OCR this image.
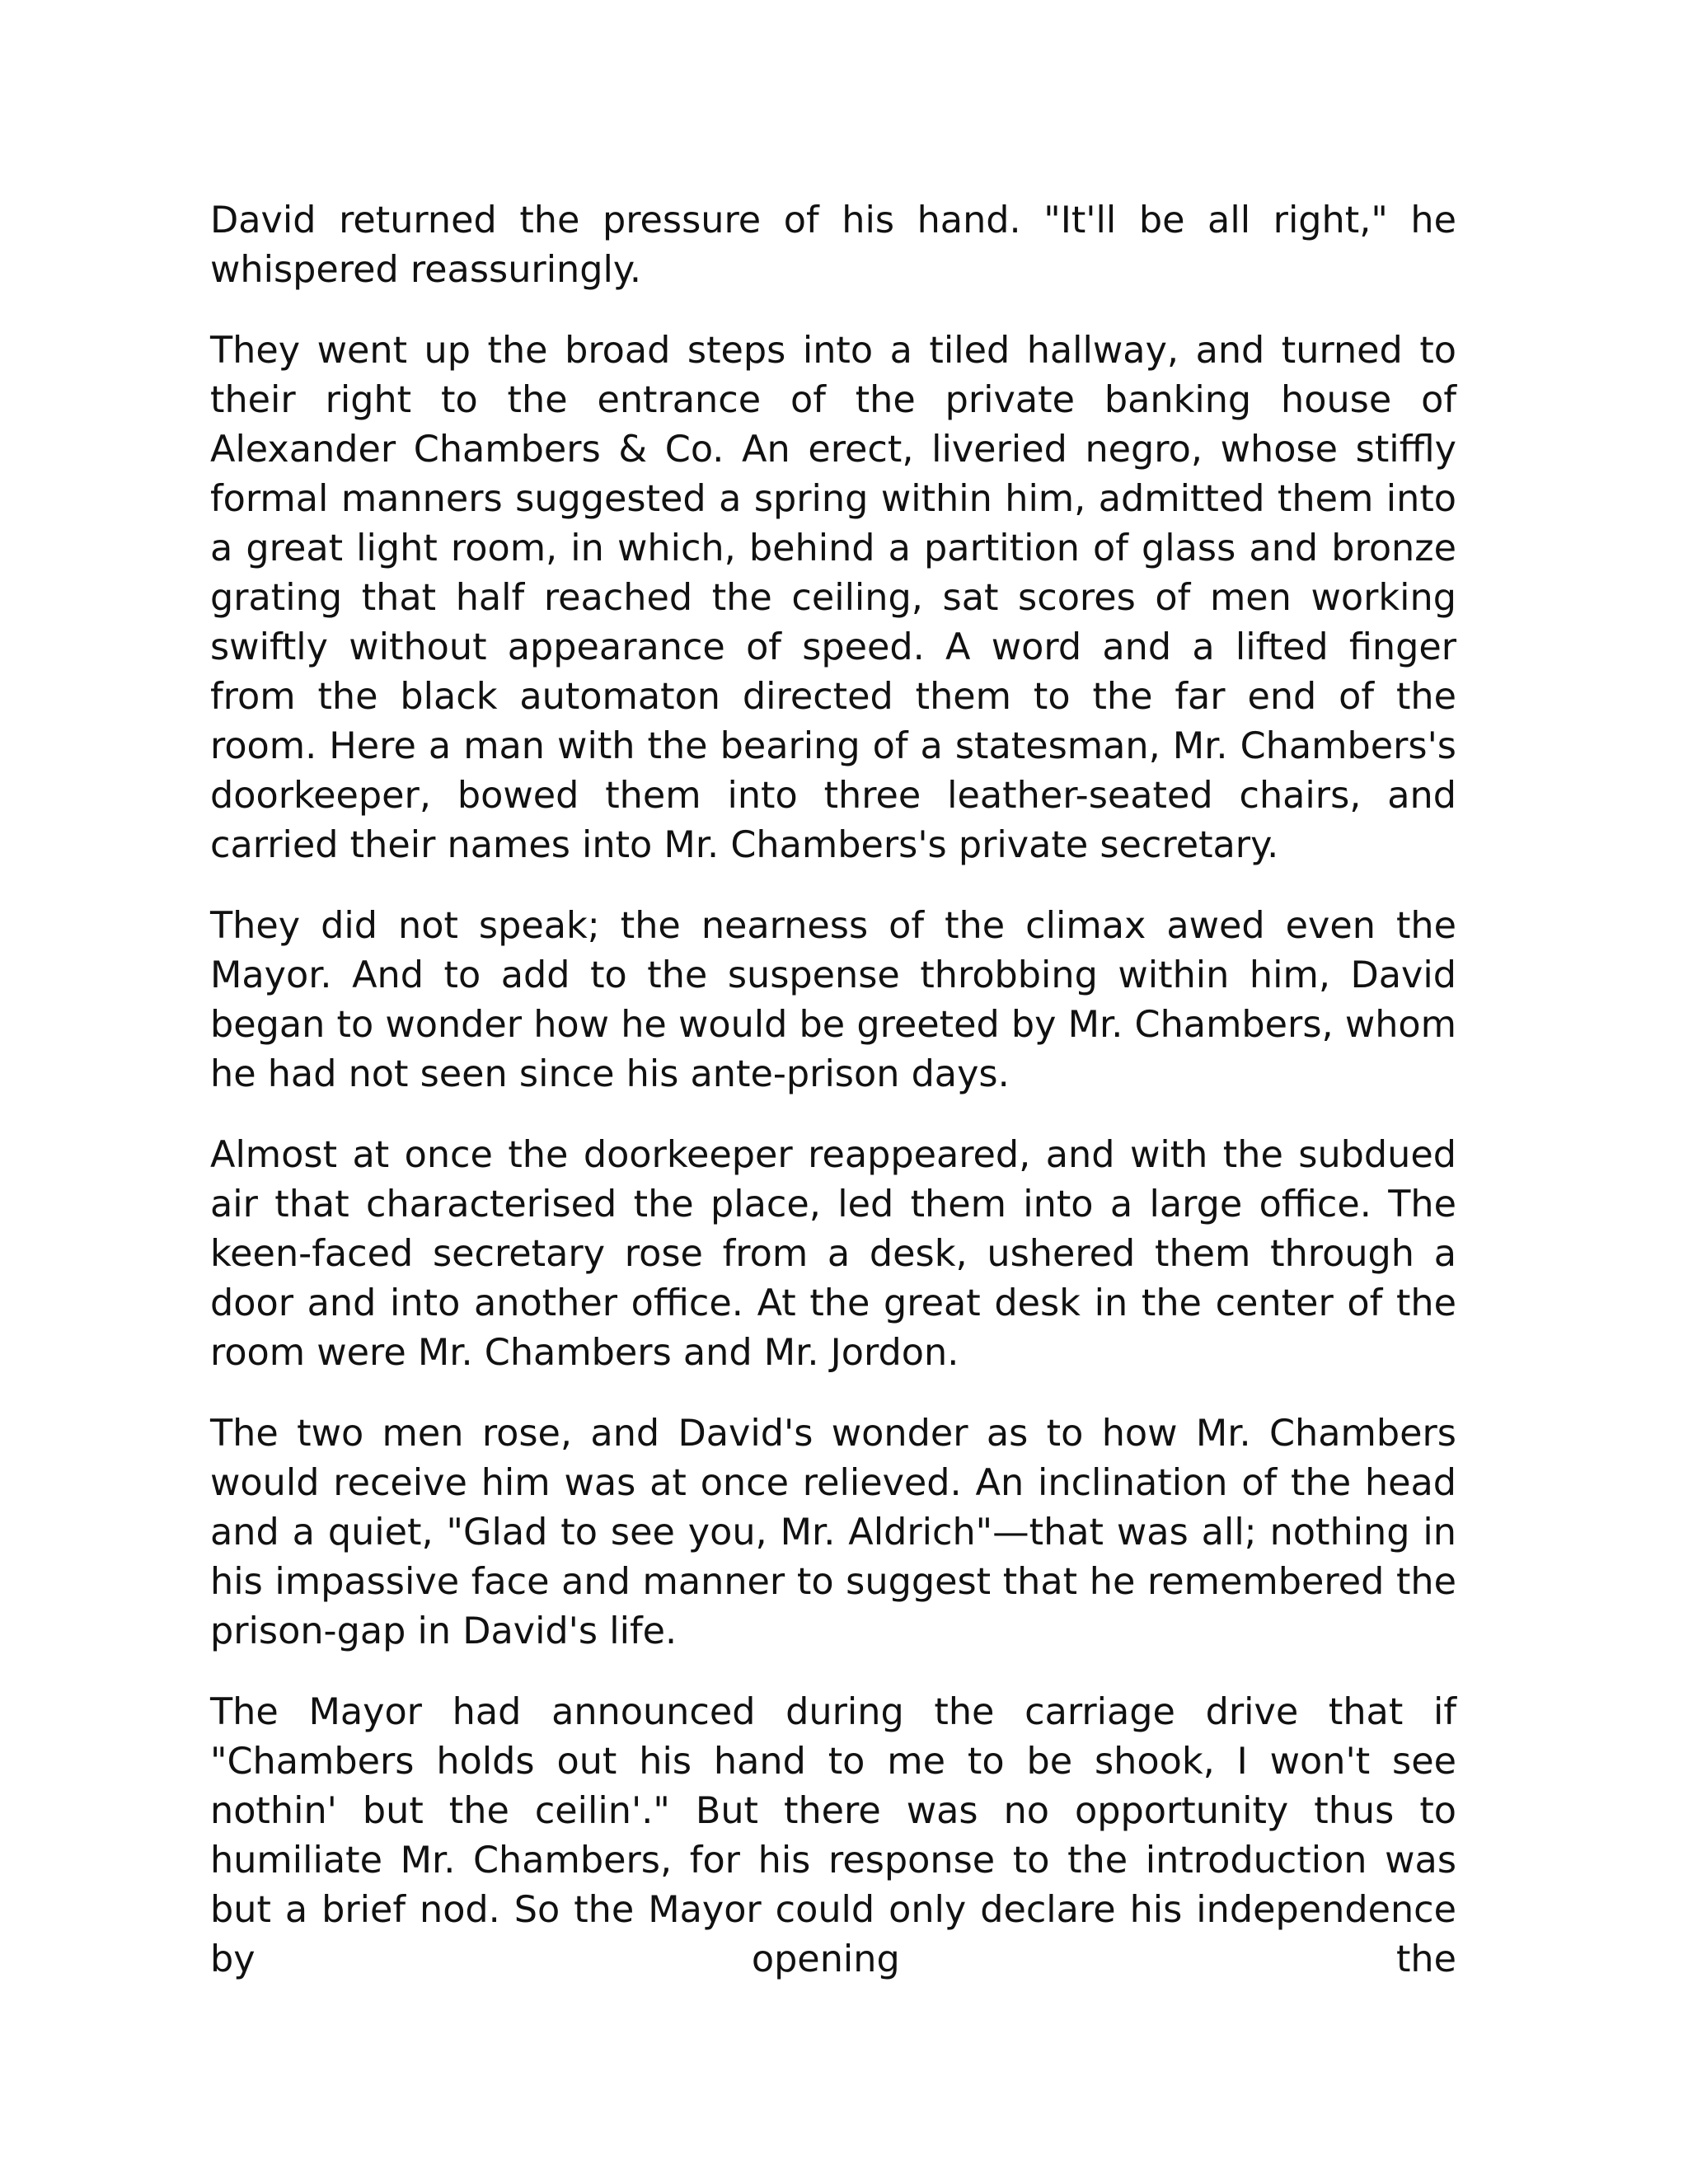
David returned the pressure of his hand. "It'll be all right," he whispered reassuringly.

They went up the broad steps into a tiled hallway, and turned to their right to the entrance of the private banking house of Alexander Chambers & Co. An erect, liveried negro, whose stiffly formal manners suggested a spring within him, admitted them into a great light room, in which, behind a partition of glass and bronze grating that half reached the ceiling, sat scores of men working swiftly without appearance of speed. A word and a lifted finger from the black automaton directed them to the far end of the room. Here a man with the bearing of a statesman, Mr. Chambers's doorkeeper, bowed them into three leather-seated chairs, and carried their names into Mr. Chambers's private secretary.

They did not speak; the nearness of the climax awed even the Mayor. And to add to the suspense throbbing within him, David began to wonder how he would be greeted by Mr. Chambers, whom he had not seen since his ante-prison days.

Almost at once the doorkeeper reappeared, and with the subdued air that characterised the place, led them into a large office. The keen-faced secretary rose from a desk, ushered them through a door and into another office. At the great desk in the center of the room were Mr. Chambers and Mr. Jordon.

The two men rose, and David's wonder as to how Mr. Chambers would receive him was at once relieved. An inclination of the head and a quiet, "Glad to see you, Mr. Aldrich"—that was all; nothing in his impassive face and manner to suggest that he remembered the prison-gap in David's life.

The Mayor had announced during the carriage drive that if "Chambers holds out his hand to me to be shook, I won't see nothin' but the ceilin'." But there was no opportunity thus to humiliate Mr. Chambers, for his response to the introduction was but a brief nod. So the Mayor could only declare his independence by opening the
